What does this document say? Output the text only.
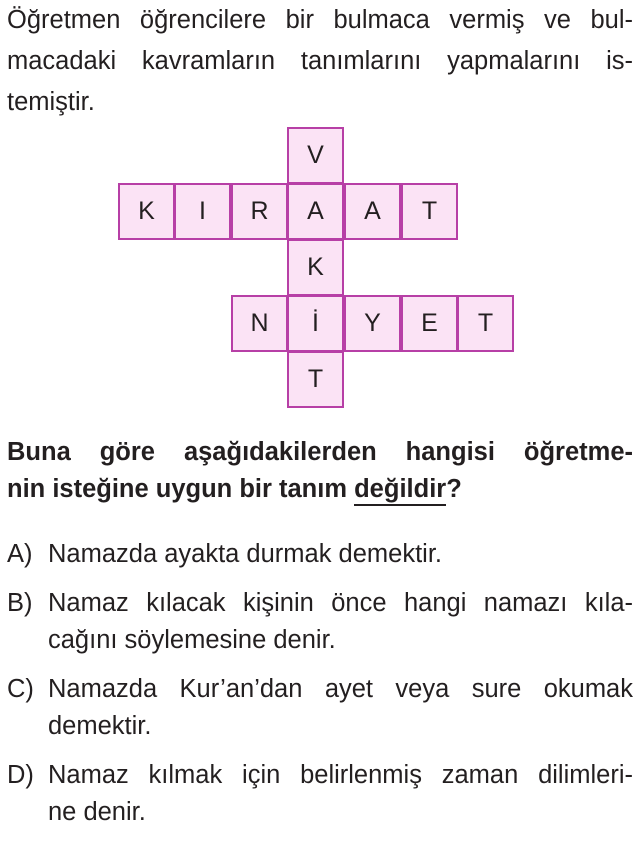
Öğretmen öğrencilere bir bulmaca vermiş ve bul-
macadaki kavramların tanımlarını yapmalarını is-
temiştir.
V
A
K
İ
T
K	I	R	A	T
N	Y	E	T
Buna göre aşağıdakilerden hangisi öğretme-
nin isteğine uygun bir tanım değildir?
A) Namazda ayakta durmak demektir.
B) Namaz kılacak kişinin önce hangi namazı kıla-
cağını söylemesine denir.
C) Namazda Kur’an’dan ayet veya sure okumak
demektir.
D) Namaz kılmak için belirlenmiş zaman dilimleri-
ne denir.
